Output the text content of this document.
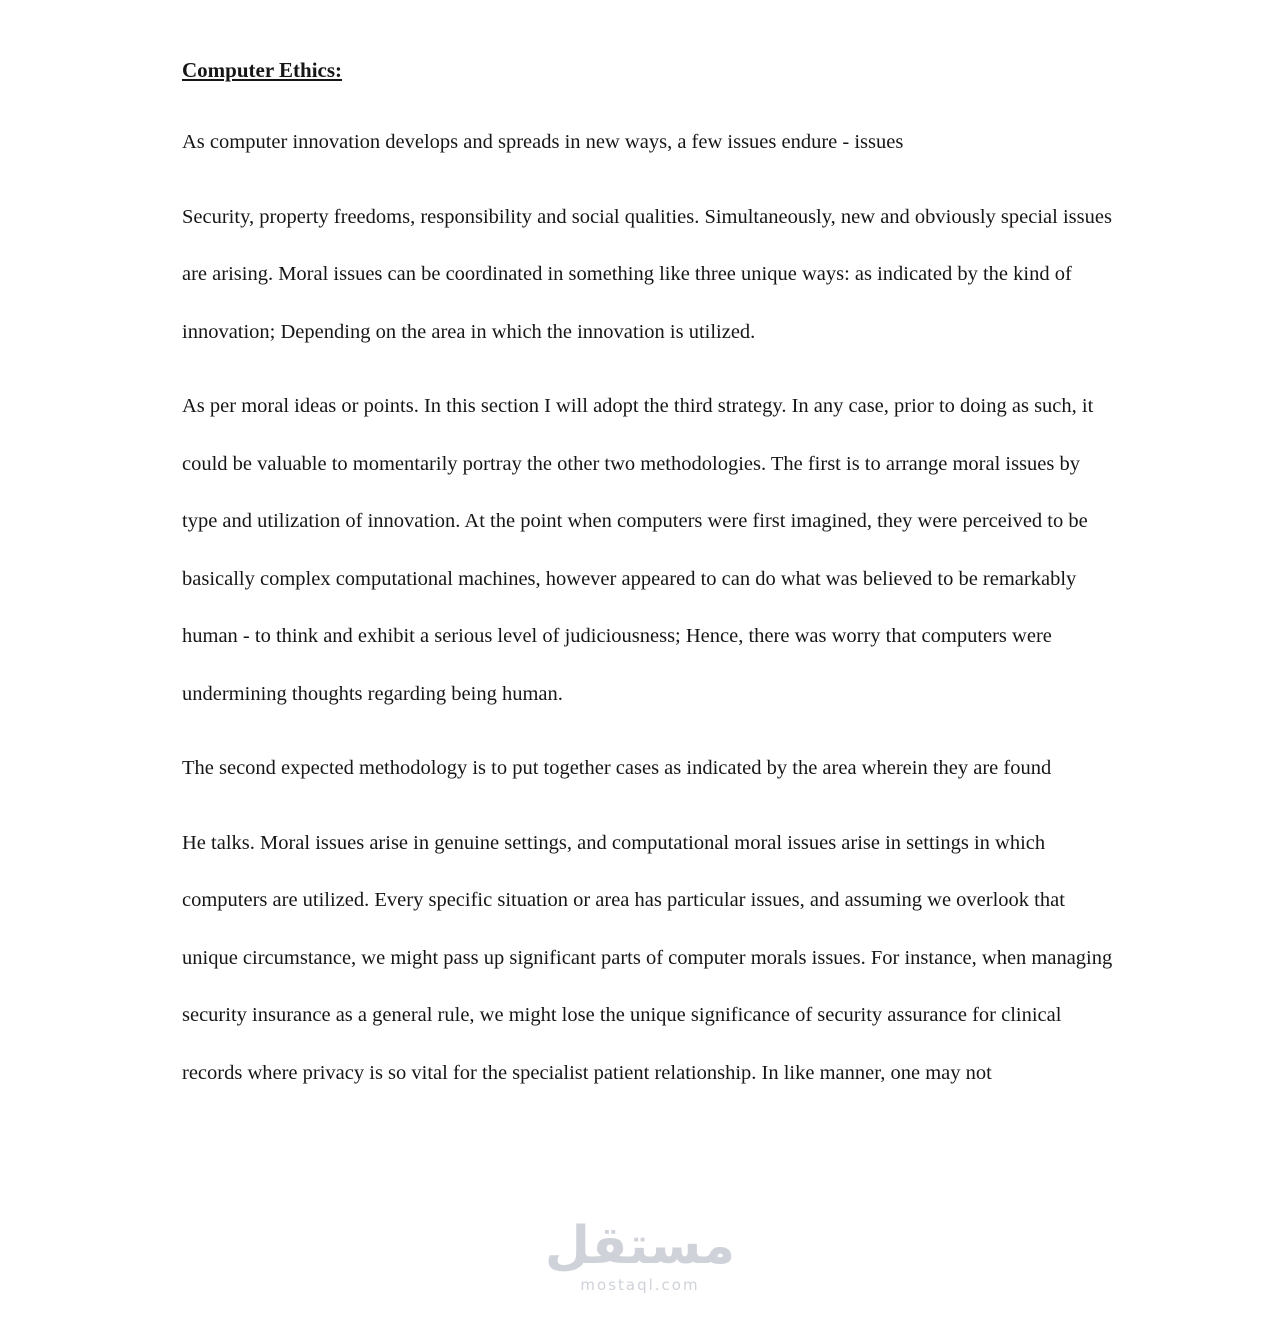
مستقل
mostaql.com
Computer Ethics:

As computer innovation develops and spreads in new ways, a few issues endure - issues

Security, property freedoms, responsibility and social qualities. Simultaneously, new and obviously special issues are arising. Moral issues can be coordinated in something like three unique ways: as indicated by the kind of innovation; Depending on the area in which the innovation is utilized.

As per moral ideas or points. In this section I will adopt the third strategy. In any case, prior to doing as such, it could be valuable to momentarily portray the other two methodologies. The first is to arrange moral issues by type and utilization of innovation. At the point when computers were first imagined, they were perceived to be basically complex computational machines, however appeared to can do what was believed to be remarkably human - to think and exhibit a serious level of judiciousness; Hence, there was worry that computers were undermining thoughts regarding being human.

The second expected methodology is to put together cases as indicated by the area wherein they are found

He talks. Moral issues arise in genuine settings, and computational moral issues arise in settings in which computers are utilized. Every specific situation or area has particular issues, and assuming we overlook that unique circumstance, we might pass up significant parts of computer morals issues. For instance, when managing security insurance as a general rule, we might lose the unique significance of security assurance for clinical records where privacy is so vital for the specialist patient relationship. In like manner, one may not
